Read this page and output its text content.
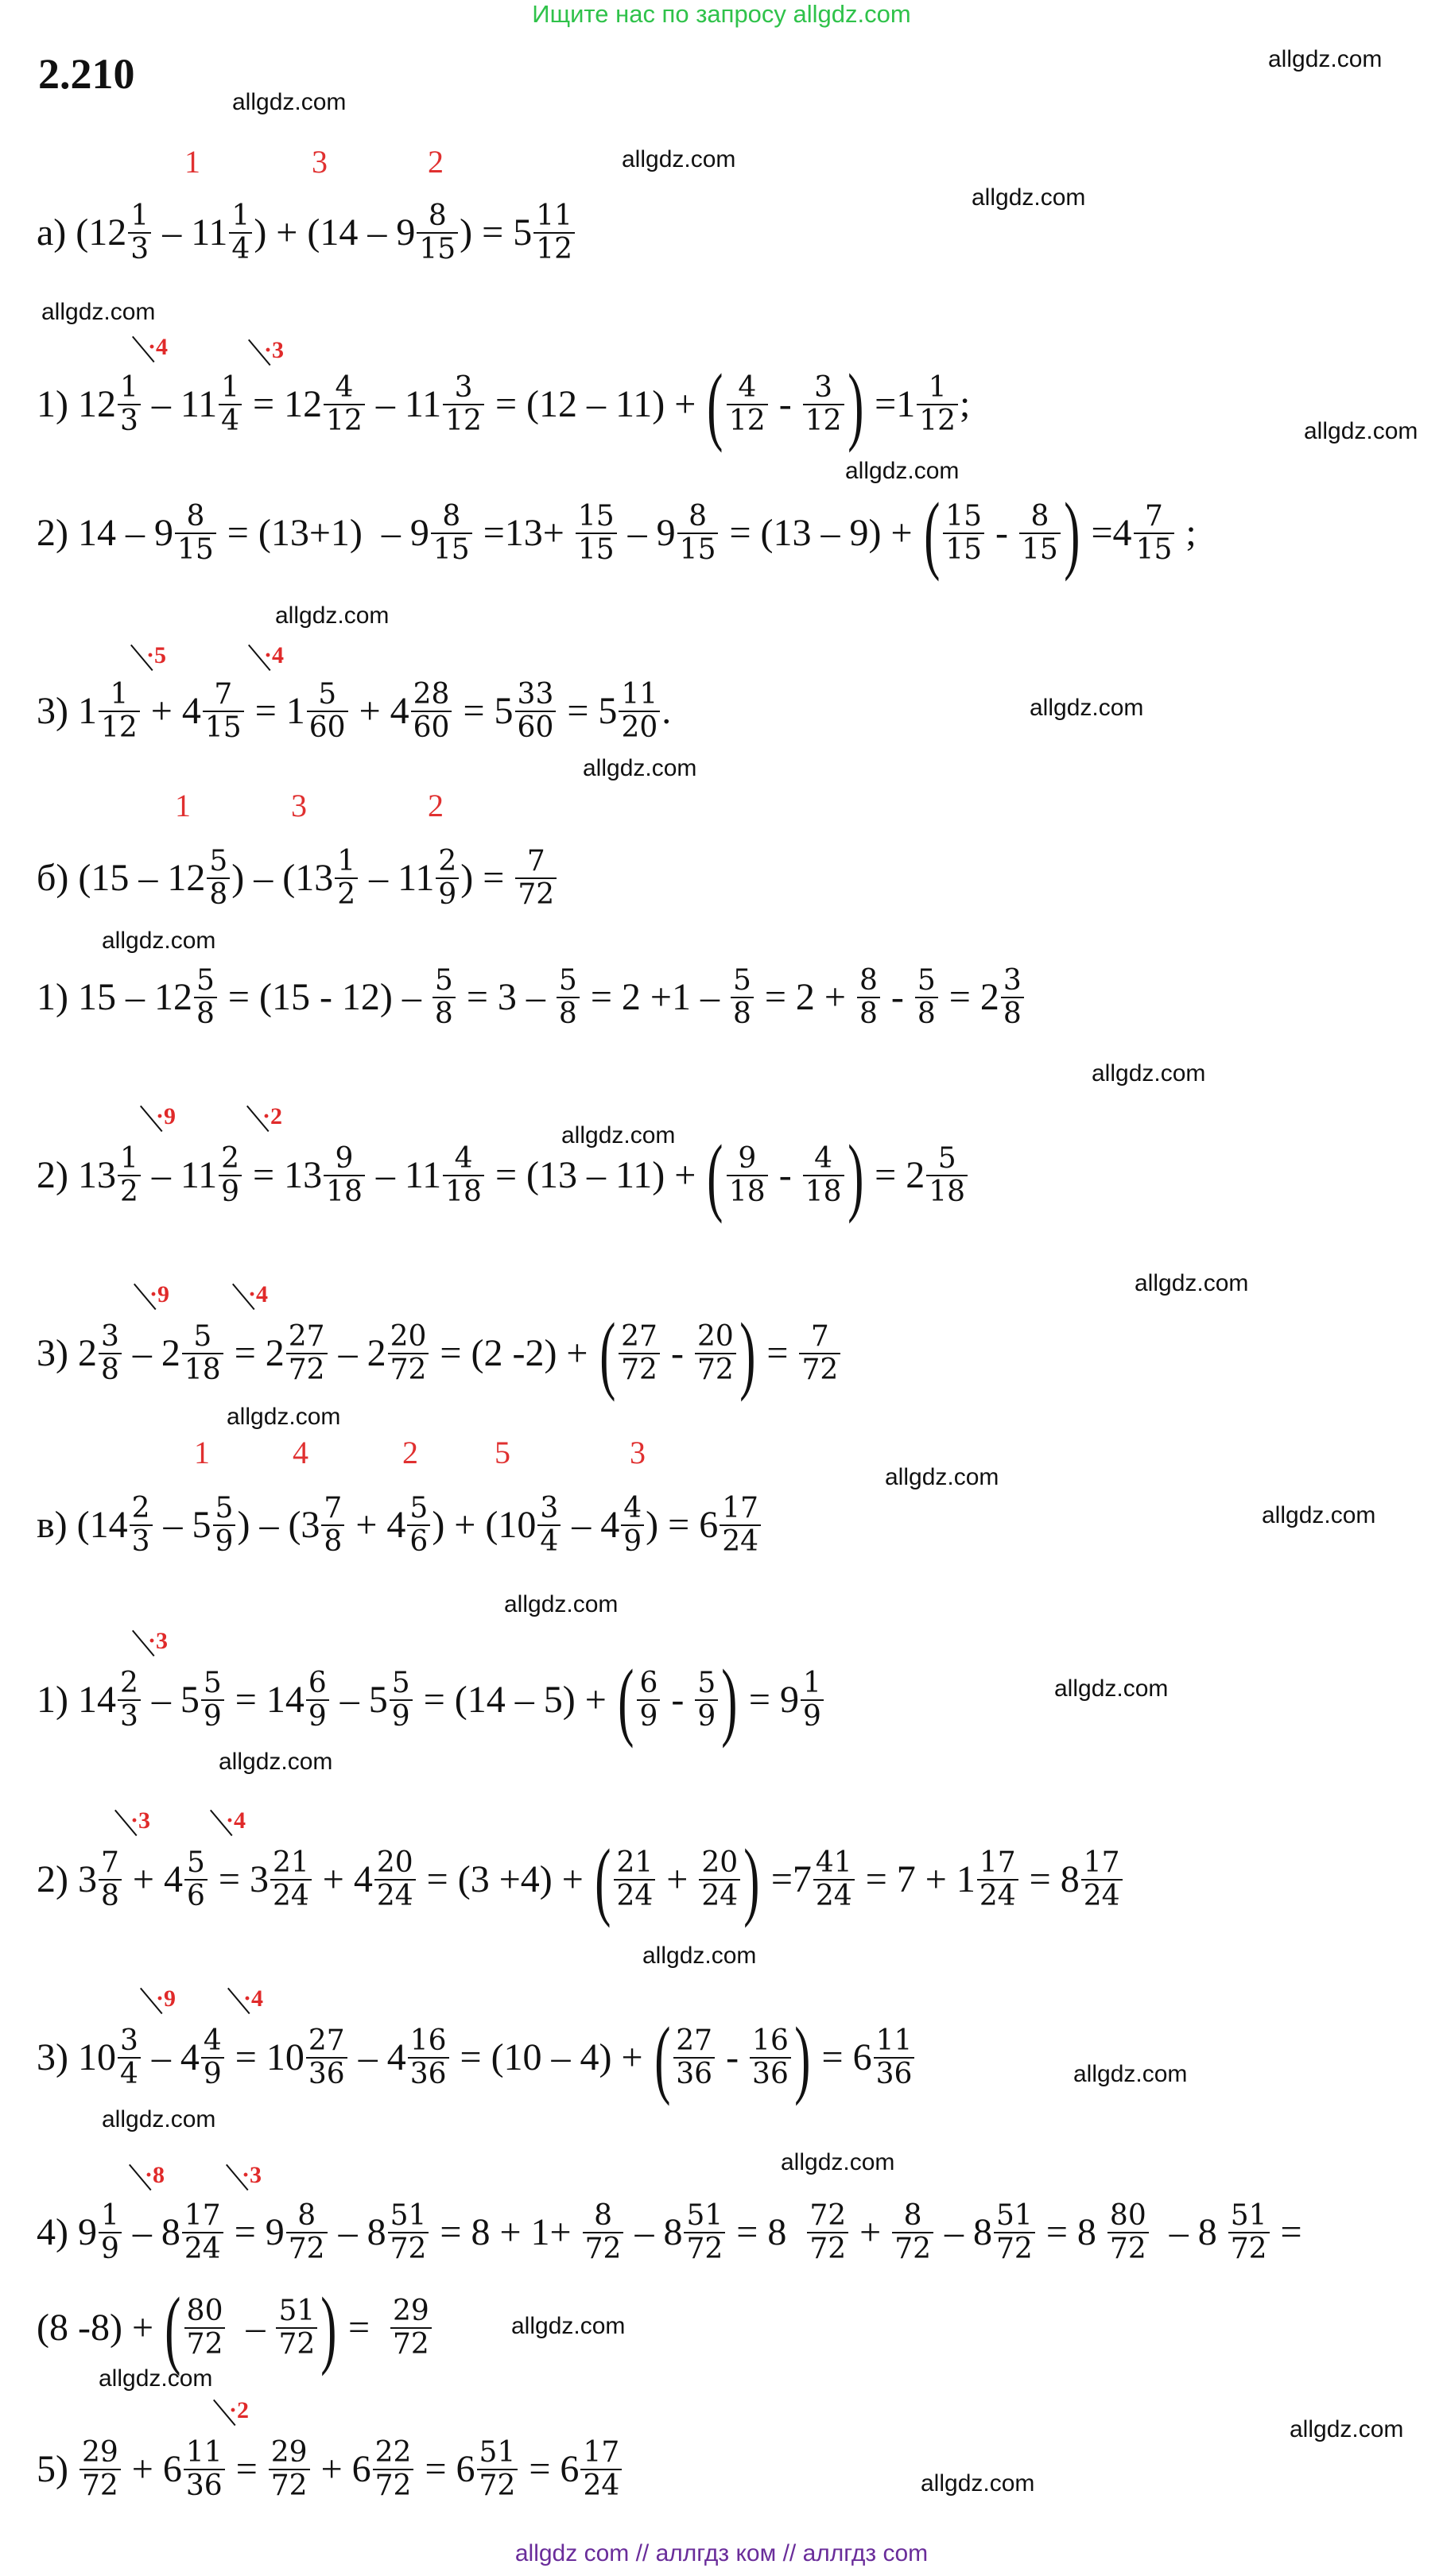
Ищите нас по запросу allgdz.com
2.210
allgdz com // аллгдз ком // аллгдз com
allgdz.com
allgdz.com
allgdz.com
allgdz.com
allgdz.com
allgdz.com
allgdz.com
allgdz.com
allgdz.com
allgdz.com
allgdz.com
allgdz.com
allgdz.com
allgdz.com
allgdz.com
allgdz.com
allgdz.com
allgdz.com
allgdz.com
allgdz.com
allgdz.com
allgdz.com
allgdz.com
allgdz.com
allgdz.com
allgdz.com
allgdz.com
allgdz.com
1	3	2
1	3	2
1	4	2 5	3
·4	·3
·5	·4
·9	·2
·9	·4
·3
·3	·4
·9	·4
·8	·3
·2
а) ($12 \frac{1}{3} - 11 \frac{1}{4}$ ) + ($14 - 9 \frac{8}{15}$ ) = $5 \frac{11}{12}$
1) $12 \frac{1}{3} - 11 \frac{1}{4} = 12 \frac{4}{12} - 11 \frac{3}{12} = (12 - 11)$ + ( $\frac{4}{12} - \frac{3}{12}$ ) $=1 \frac{1}{12}$ ;
2) $14 - 9 \frac{8}{15} = (13+1) - 9 \frac{8}{15} =13+ \frac{15}{15} - 9 \frac{8}{15} = (13 - 9)$ + ( $\frac{15}{15} - \frac{8}{15}$ ) $=4 \frac{7}{15}$ ;
3) $1 \frac{1}{12} + 4 \frac{7}{15} = 1 \frac{5}{60} + 4 \frac{28}{60} = 5 \frac{33}{60} = 5 \frac{11}{20}$ .
б) ($15 - 12 \frac{5}{8}$ ) – ($13 \frac{1}{2} - 11 \frac{2}{9}$ ) = $\frac{7}{72}$
1) $15 - 12 \frac{5}{8} = (15 - 12) - \frac{5}{8} = 3 - \frac{5}{8} = 2 +1 - \frac{5}{8} = 2 + \frac{8}{8} - \frac{5}{8} = 2 \frac{3}{8}$
2) $13 \frac{1}{2} - 11 \frac{2}{9} = 13 \frac{9}{18} - 11 \frac{4}{18} = (13 - 11)$ + ( $\frac{9}{18} - \frac{4}{18}$ ) = $2 \frac{5}{18}$
3) $2 \frac{3}{8} - 2 \frac{5}{18} = 2 \frac{27}{72} - 2 \frac{20}{72} = (2$ -2) + ( $\frac{27}{72} - \frac{20}{72}$ ) = $\frac{7}{72}$
в) ($14 \frac{2}{3} - 5 \frac{5}{9}$ ) – ($3 \frac{7}{8} + 4 \frac{5}{6}$ ) + ($10 \frac{3}{4} - 4 \frac{4}{9}$ ) = $6 \frac{17}{24}$
1) $14 \frac{2}{3} - 5 \frac{5}{9} = 14 \frac{6}{9} - 5 \frac{5}{9} = (14 - 5)$ + ( $\frac{6}{9} - \frac{5}{9}$ ) = $9 \frac{1}{9}$
2) $3 \frac{7}{8} + 4 \frac{5}{6} = 3 \frac{21}{24} + 4 \frac{20}{24} = (3 +4)$ + ( $\frac{21}{24} + \frac{20}{24}$ ) $=7 \frac{41}{24} = 7 + 1 \frac{17}{24} = 8 \frac{17}{24}$
3) $10 \frac{3}{4} - 4 \frac{4}{9} = 10 \frac{27}{36} - 4 \frac{16}{36} = (10 - 4)$ + ( $\frac{27}{36} - \frac{16}{36}$ ) = $6 \frac{11}{36}$
4) $9 \frac{1}{9} - 8 \frac{17}{24} = 9 \frac{8}{72} - 8 \frac{51}{72} = 8 + 1+ \frac{8}{72} - 8 \frac{51}{72} = 8 \frac{72}{72} + \frac{8}{72} - 8 \frac{51}{72} = 8 \frac{80}{72} - 8 \frac{51}{72}$ =
(8 -8) + ( $\frac{80}{72} - \frac{51}{72}$ ) = $\frac{29}{72}$
$5) \frac{29}{72} + 6 \frac{11}{36} = \frac{29}{72} + 6 \frac{22}{72} = 6 \frac{51}{72} = 6 \frac{17}{24}$
